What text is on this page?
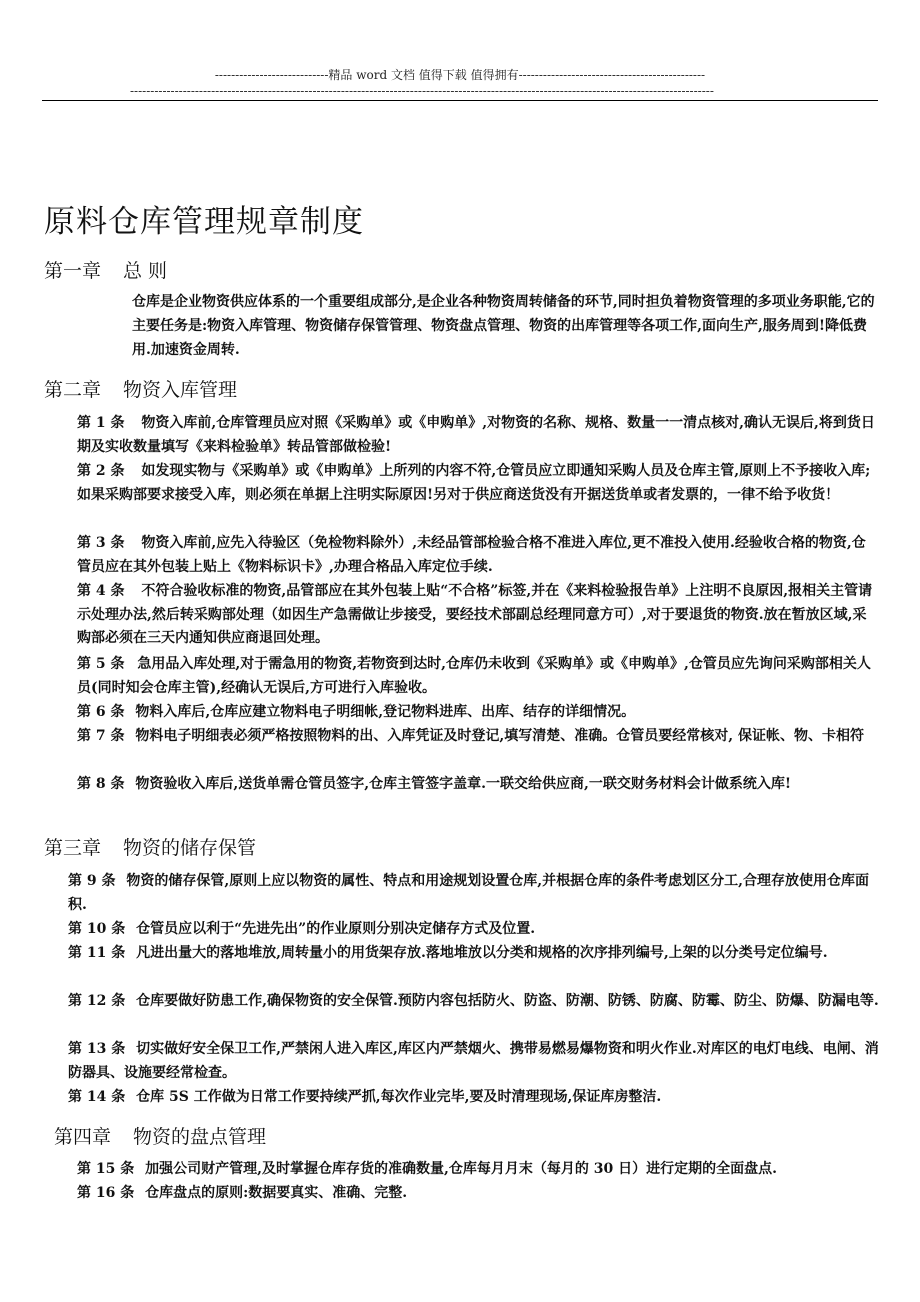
----------------------------精品 word 文档 值得下载 值得拥有----------------------------------------------
------------------------------------------------------------------------------------------------------------------------------------------------
原料仓库管理规章制度
第一章 总 则
仓库是企业物资供应体系的一个重要组成部分,是企业各种物资周转储备的环节,同时担负着物资管理的多项业务职能,它的主要任务是:物资入库管理、物资储存保管管理、物资盘点管理、物资的出库管理等各项工作,面向生产,服务周到!降低费用.加速资金周转.
第二章 物资入库管理
第 1 条 物资入库前,仓库管理员应对照《采购单》或《申购单》,对物资的名称、规格、数量一一清点核对,确认无误后,将到货日期及实收数量填写《来料检验单》转品管部做检验!
第 2 条 如发现实物与《采购单》或《申购单》上所列的内容不符,仓管员应立即通知采购人员及仓库主管,原则上不予接收入库;如果采购部要求接受入库，则必须在单据上注明实际原因!另对于供应商送货没有开据送货单或者发票的，一律不给予收货！
第 3 条 物资入库前,应先入待验区（免检物料除外）,未经品管部检验合格不准进入库位,更不准投入使用.经验收合格的物资,仓管员应在其外包装上贴上《物料标识卡》,办理合格品入库定位手续.
第 4 条 不符合验收标准的物资,品管部应在其外包装上贴“不合格”标签,并在《来料检验报告单》上注明不良原因,报相关主管请示处理办法,然后转采购部处理（如因生产急需做让步接受，要经技术部副总经理同意方可）,对于要退货的物资.放在暂放区域,采购部必须在三天内通知供应商退回处理。
第 5 条 急用品入库处理,对于需急用的物资,若物资到达时,仓库仍未收到《采购单》或《申购单》,仓管员应先询问采购部相关人员(同时知会仓库主管),经确认无误后,方可进行入库验收。
第 6 条 物料入库后,仓库应建立物料电子明细帐,登记物料进库、出库、结存的详细情况。
第 7 条 物料电子明细表必须严格按照物料的出、入库凭证及时登记,填写清楚、准确。仓管员要经常核对, 保证帐、物、卡相符
第 8 条 物资验收入库后,送货单需仓管员签字,仓库主管签字盖章.一联交给供应商,一联交财务材料会计做系统入库!
第三章 物资的储存保管
第 9 条 物资的储存保管,原则上应以物资的属性、特点和用途规划设置仓库,并根据仓库的条件考虑划区分工,合理存放使用仓库面积.
第 10 条 仓管员应以利于“先进先出”的作业原则分别决定储存方式及位置.
第 11 条 凡进出量大的落地堆放,周转量小的用货架存放.落地堆放以分类和规格的次序排列编号,上架的以分类号定位编号.
第 12 条 仓库要做好防患工作,确保物资的安全保管.预防内容包括防火、防盗、防潮、防锈、防腐、防霉、防尘、防爆、防漏电等.
第 13 条 切实做好安全保卫工作,严禁闲人进入库区,库区内严禁烟火、携带易燃易爆物资和明火作业.对库区的电灯电线、电闸、消防器具、设施要经常检查。
第 14 条 仓库 5S 工作做为日常工作要持续严抓,每次作业完毕,要及时清理现场,保证库房整洁.
第四章 物资的盘点管理
第 15 条 加强公司财产管理,及时掌握仓库存货的准确数量,仓库每月月末（每月的 30 日）进行定期的全面盘点.
第 16 条 仓库盘点的原则:数据要真实、准确、完整.
